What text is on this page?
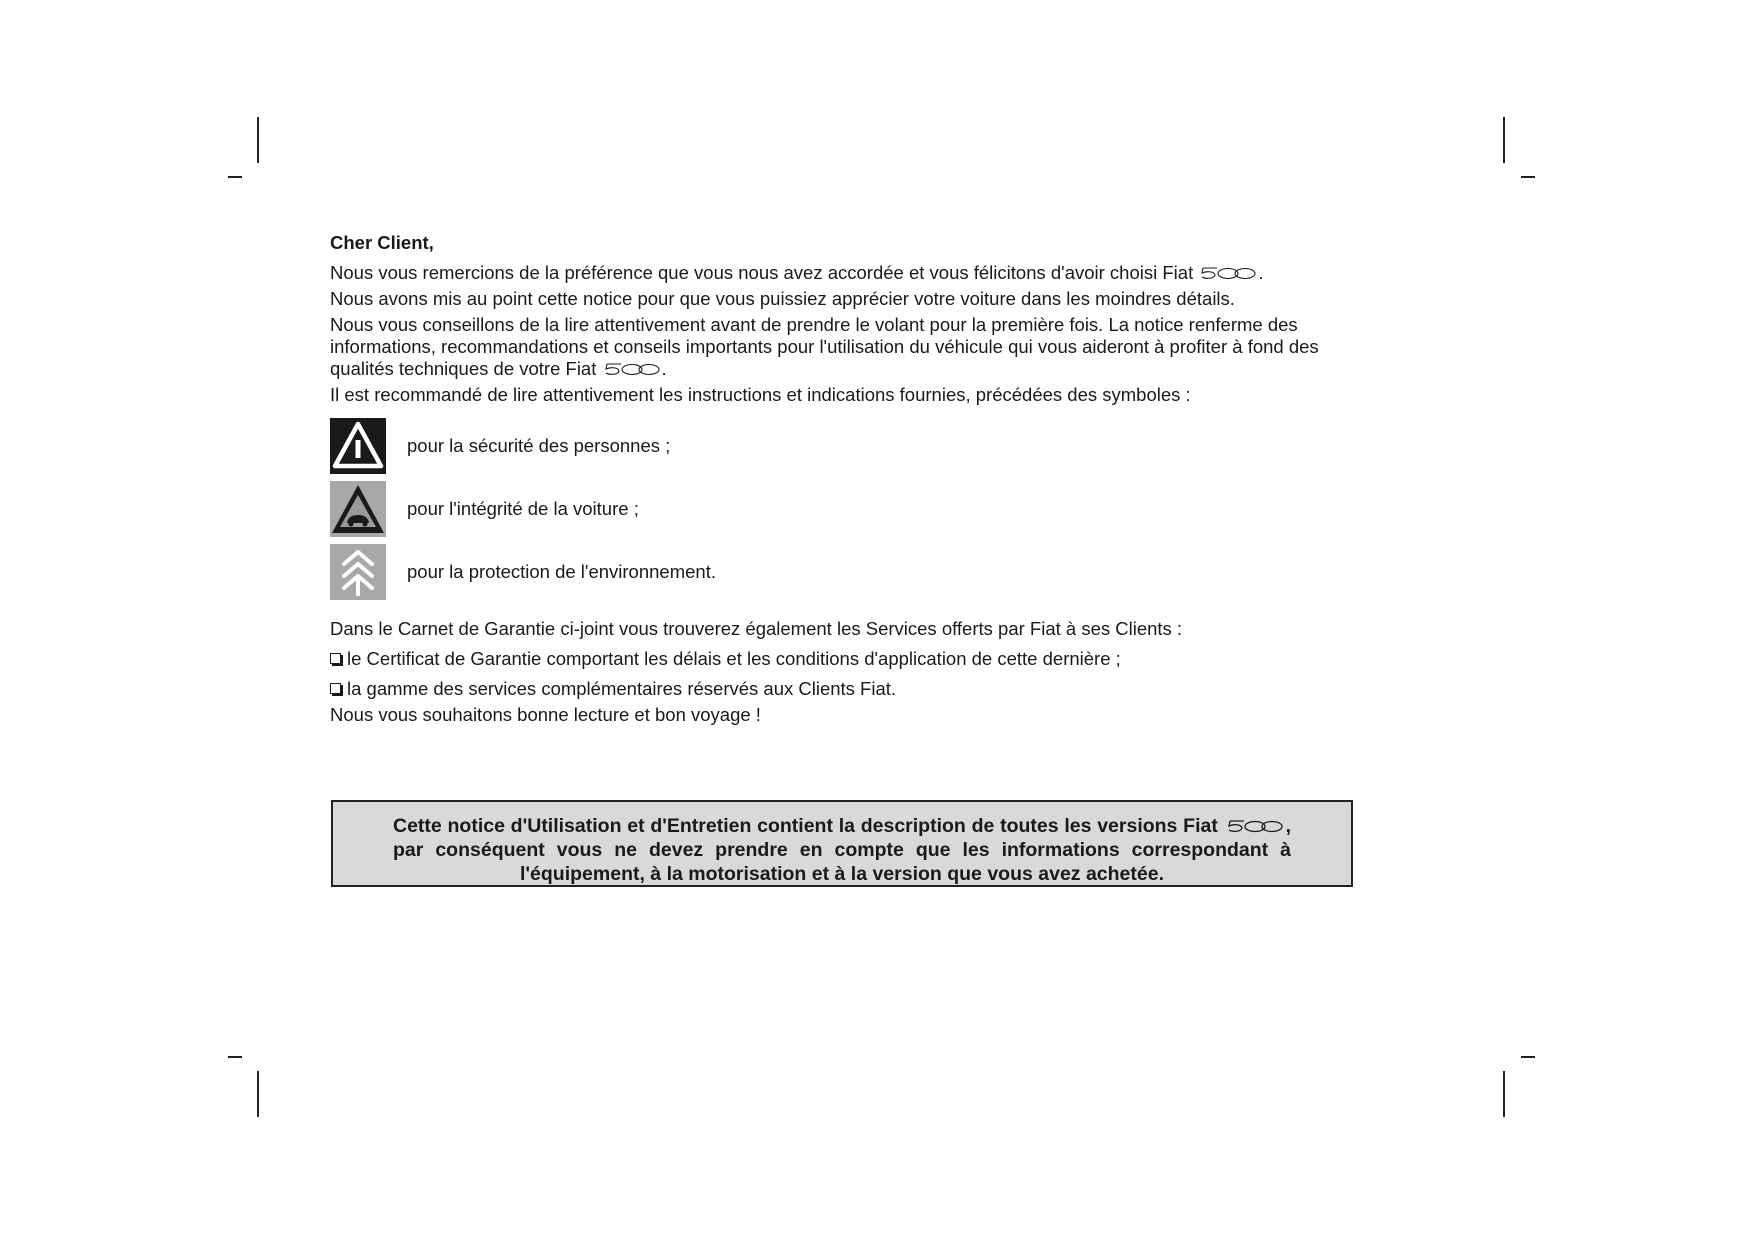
Cher Client,

Nous vous remercions de la préférence que vous nous avez accordée et vous félicitons d'avoir choisi Fiat	.

Nous avons mis au point cette notice pour que vous puissiez apprécier votre voiture dans les moindres détails.

Nous vous conseillons de la lire attentivement avant de prendre le volant pour la première fois. La notice renferme des informations, recommandations et conseils importants pour l'utilisation du véhicule qui vous aideront à profiter à fond des qualités techniques de votre Fiat	.

Il est recommandé de lire attentivement les instructions et indications fournies, précédées des symboles :

pour la sécurité des personnes ;
pour l'intégrité de la voiture ;
pour la protection de l'environnement.

Dans le Carnet de Garantie ci-joint vous trouverez également les Services offerts par Fiat à ses Clients :

le Certificat de Garantie comportant les délais et les conditions d'application de cette dernière ;

la gamme des services complémentaires réservés aux Clients Fiat.

Nous vous souhaitons bonne lecture et bon voyage !

Cette notice d'Utilisation et d'Entretien contient la description de toutes les versions Fiat	, par conséquent vous ne devez prendre en compte que les informations correspondant à l'équipement, à la motorisation et à la version que vous avez achetée.
